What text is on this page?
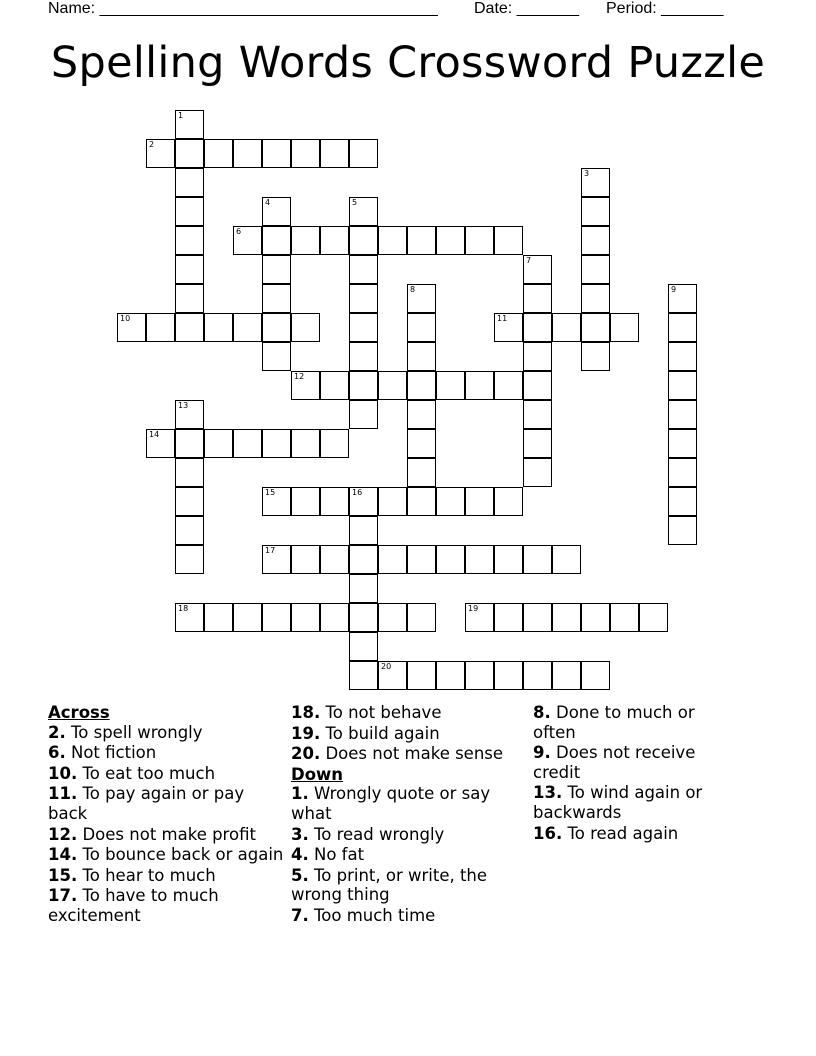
Name: ______________________________________ Date: _______ Period: _______
Spelling Words Crossword Puzzle
2
6
10	11
12
14
15	16
17
18	19
20
1
3
4	5
7
8	9
13
Across
2. To spell wrongly
6. Not fiction
10. To eat too much
11. To pay again or pay back
12. Does not make profit
14. To bounce back or again
15. To hear to much
17. To have to much excitement
18. To not behave
19. To build again
20. Does not make sense
Down
1. Wrongly quote or say what
3. To read wrongly
4. No fat
5. To print, or write, the wrong thing
7. Too much time
8. Done to much or often
9. Does not receive credit
13. To wind again or backwards
16. To read again
